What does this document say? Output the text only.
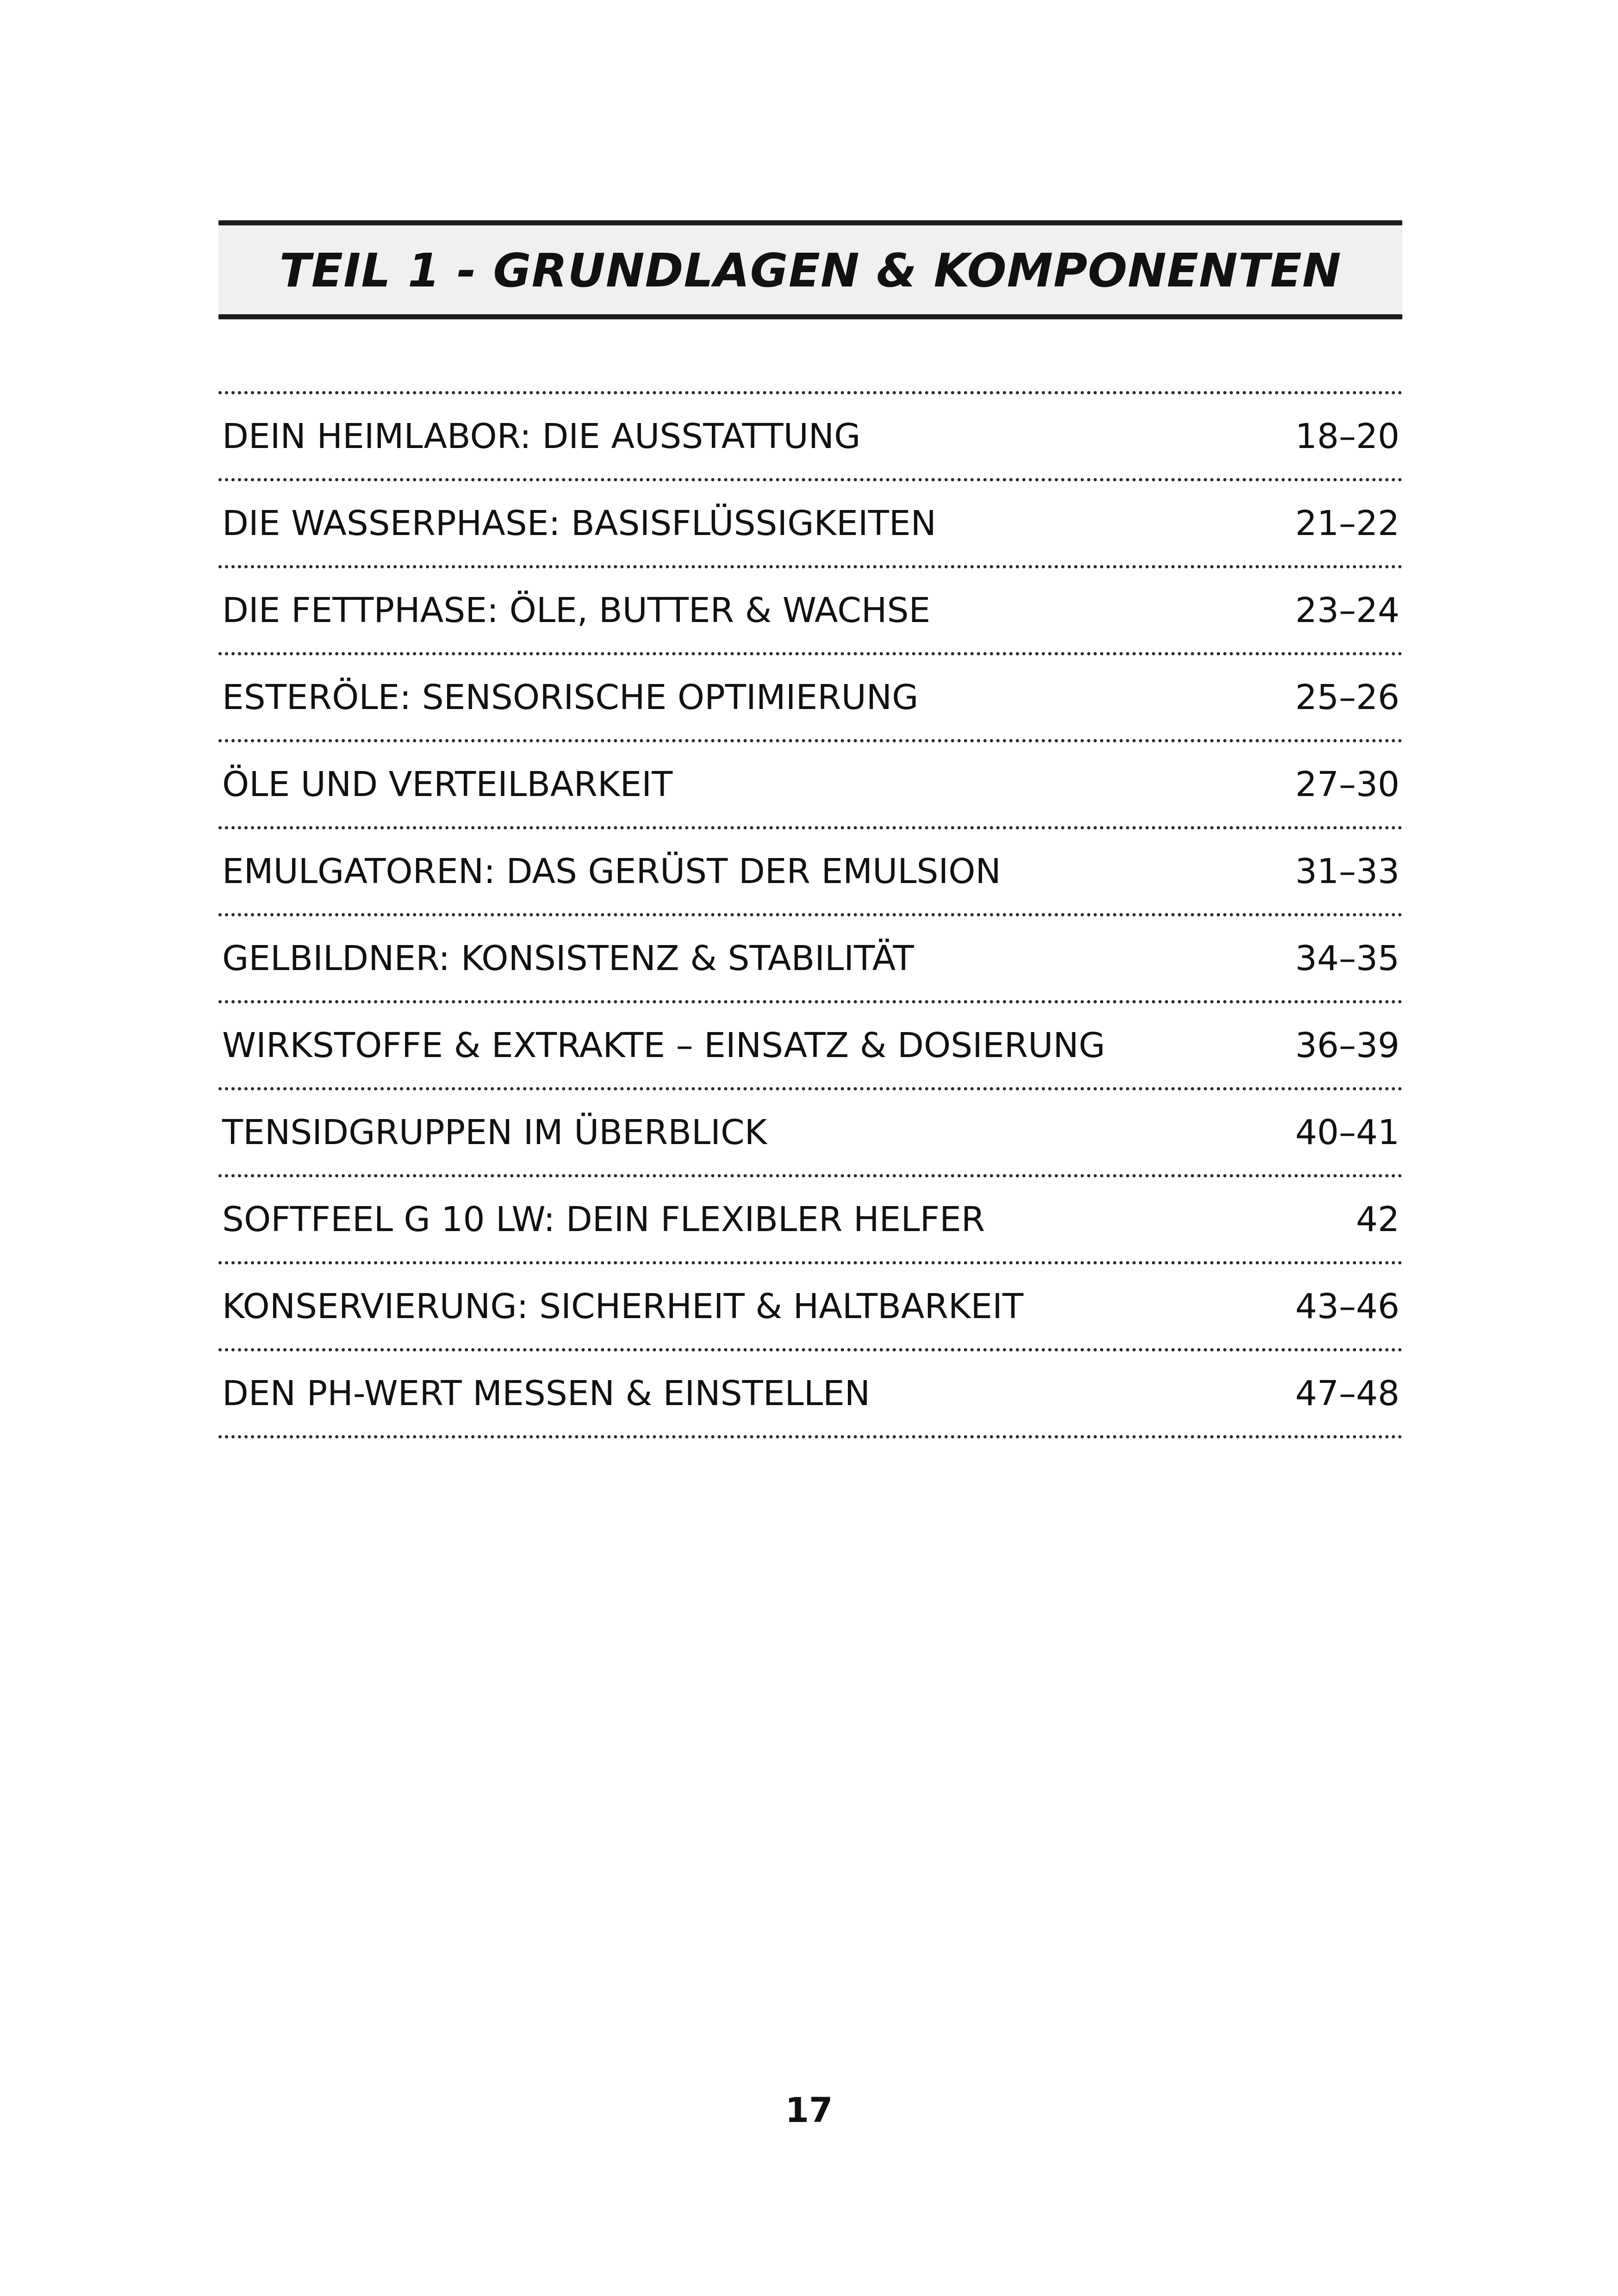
TEIL 1 - GRUNDLAGEN & KOMPONENTEN
DEIN HEIMLABOR: DIE AUSSTATTUNG	18–20
DIE WASSERPHASE: BASISFLÜSSIGKEITEN	21–22
DIE FETTPHASE: ÖLE, BUTTER & WACHSE	23–24
ESTERÖLE: SENSORISCHE OPTIMIERUNG	25–26
ÖLE UND VERTEILBARKEIT	27–30
EMULGATOREN: DAS GERÜST DER EMULSION	31–33
GELBILDNER: KONSISTENZ & STABILITÄT	34–35
WIRKSTOFFE & EXTRAKTE – EINSATZ & DOSIERUNG	36–39
TENSIDGRUPPEN IM ÜBERBLICK	40–41
SOFTFEEL G 10 LW: DEIN FLEXIBLER HELFER	42
KONSERVIERUNG: SICHERHEIT & HALTBARKEIT	43–46
DEN PH-WERT MESSEN & EINSTELLEN	47–48
17
